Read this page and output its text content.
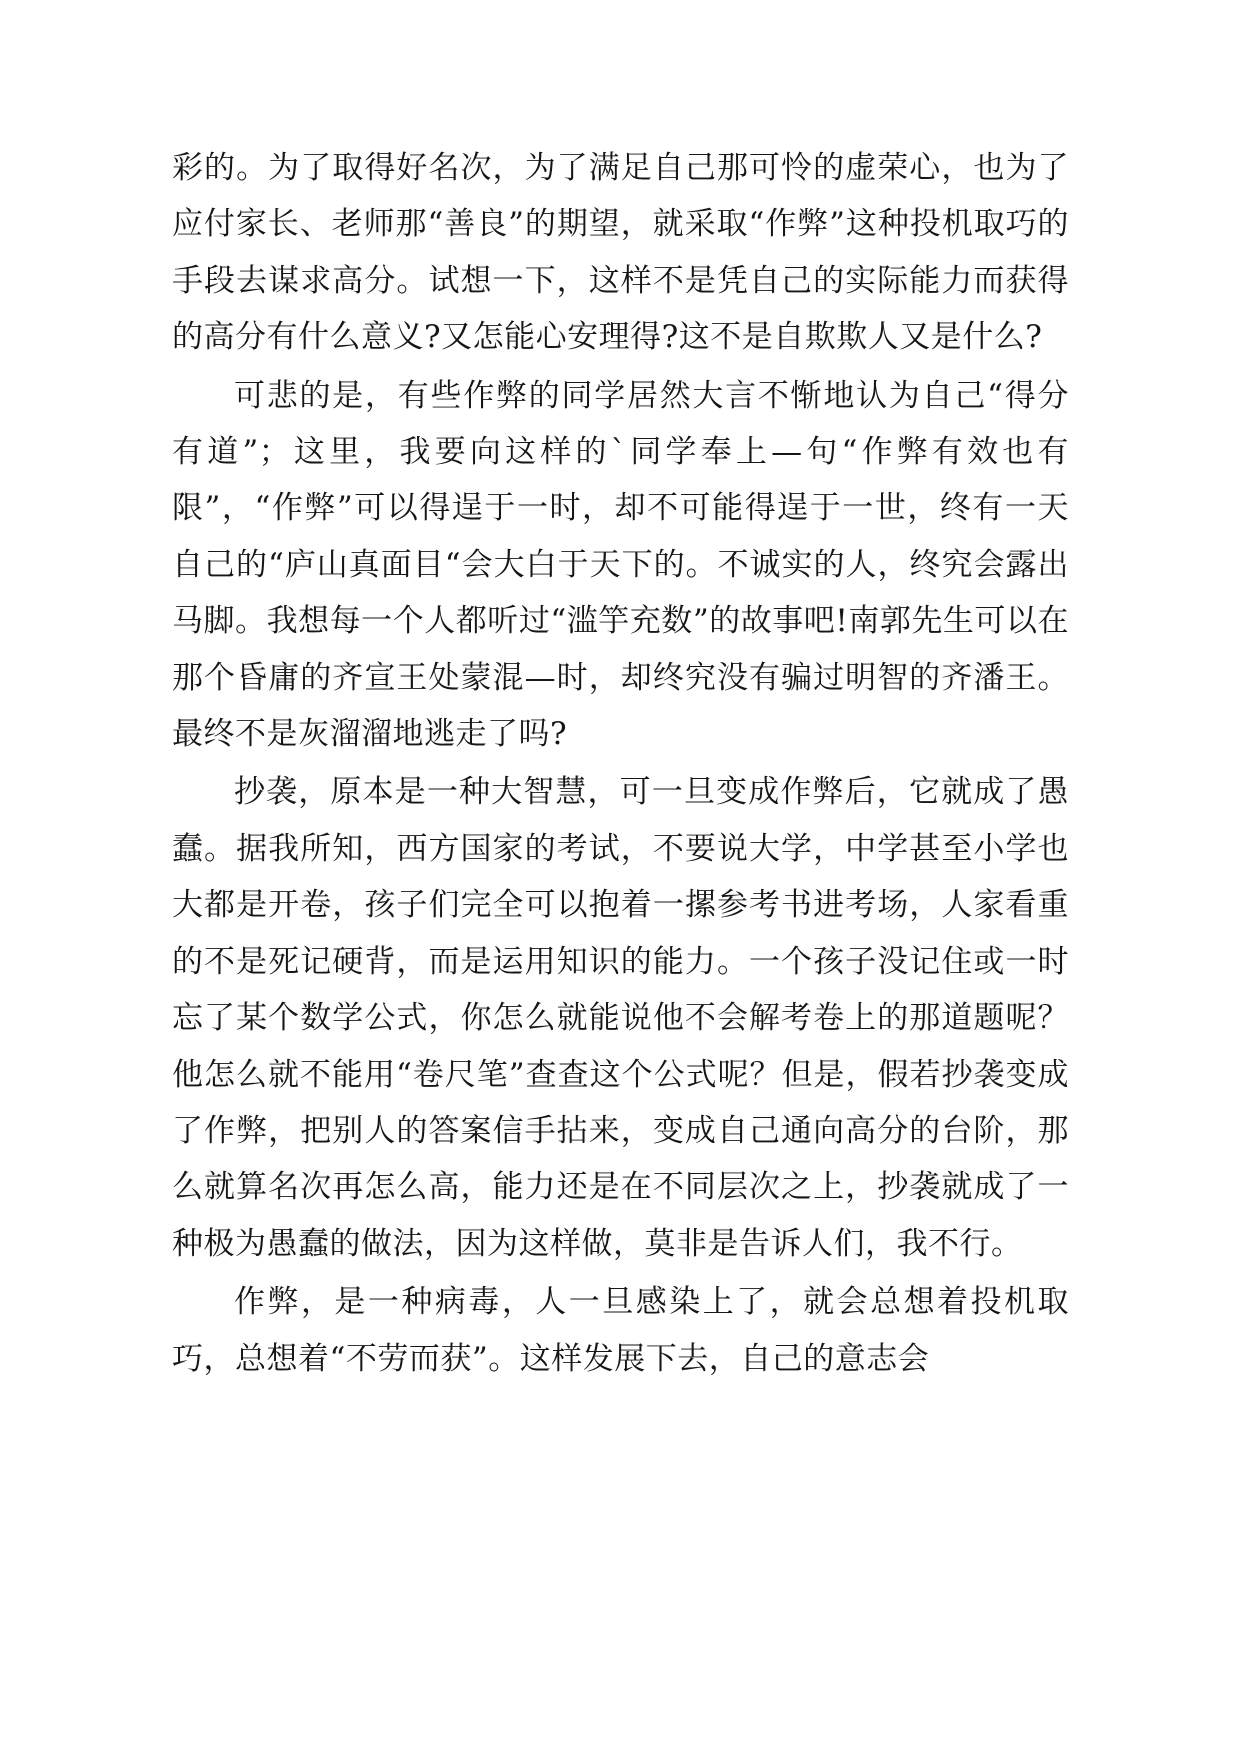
彩的。为了取得好名次，为了满足自己那可怜的虚荣心，也为了应付家长、老师那“善良”的期望，就采取“作弊”这种投机取巧的手段去谋求高分。试想一下，这样不是凭自己的实际能力而获得的高分有什么意义?又怎能心安理得?这不是自欺欺人又是什么?

可悲的是，有些作弊的同学居然大言不惭地认为自己“得分有道”；这里，我要向这样的`同学奉上—句“作弊有效也有限”，“作弊”可以得逞于一时，却不可能得逞于一世，终有一天自己的“庐山真面目“会大白于天下的。不诚实的人，终究会露出马脚。我想每一个人都听过“滥竽充数”的故事吧!南郭先生可以在那个昏庸的齐宣王处蒙混—时，却终究没有骗过明智的齐潘王。最终不是灰溜溜地逃走了吗?

抄袭，原本是一种大智慧，可一旦变成作弊后，它就成了愚蠢。据我所知，西方国家的考试，不要说大学，中学甚至小学也大都是开卷，孩子们完全可以抱着一摞参考书进考场，人家看重的不是死记硬背，而是运用知识的能力。一个孩子没记住或一时忘了某个数学公式，你怎么就能说他不会解考卷上的那道题呢？他怎么就不能用“卷尺笔”查查这个公式呢？但是，假若抄袭变成了作弊，把别人的答案信手拈来，变成自己通向高分的台阶，那么就算名次再怎么高，能力还是在不同层次之上，抄袭就成了一种极为愚蠢的做法，因为这样做，莫非是告诉人们，我不行。

作弊，是一种病毒，人一旦感染上了，就会总想着投机取巧，总想着“不劳而获”。这样发展下去，自己的意志会
